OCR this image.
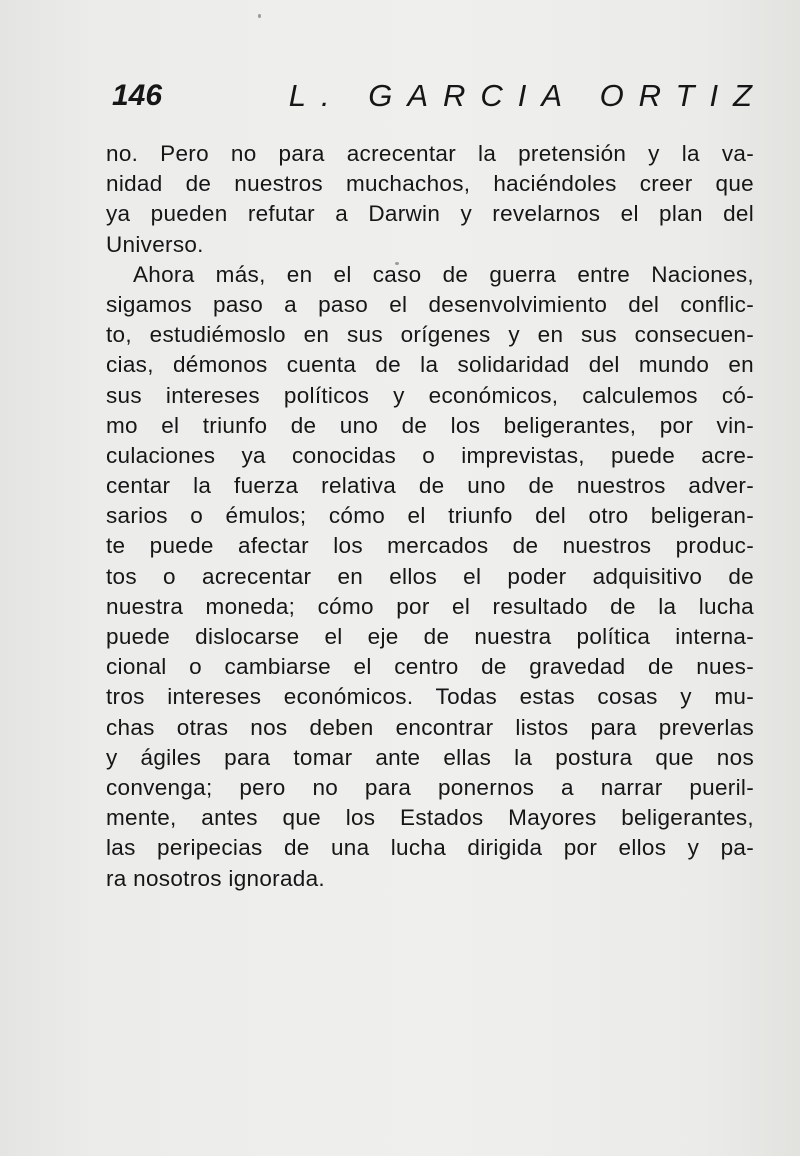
146	L. GARCIA ORTIZ
no. Pero no para acrecentar la pretensión y la va-
nidad de nuestros muchachos, haciéndoles creer que
ya pueden refutar a Darwin y revelarnos el plan del
Universo.
Ahora más, en el caso de guerra entre Naciones,
sigamos paso a paso el desenvolvimiento del conflic-
to, estudiémoslo en sus orígenes y en sus consecuen-
cias, démonos cuenta de la solidaridad del mundo en
sus intereses políticos y económicos, calculemos có-
mo el triunfo de uno de los beligerantes, por vin-
culaciones ya conocidas o imprevistas, puede acre-
centar la fuerza relativa de uno de nuestros adver-
sarios o émulos; cómo el triunfo del otro beligeran-
te puede afectar los mercados de nuestros produc-
tos o acrecentar en ellos el poder adquisitivo de
nuestra moneda; cómo por el resultado de la lucha
puede dislocarse el eje de nuestra política interna-
cional o cambiarse el centro de gravedad de nues-
tros intereses económicos. Todas estas cosas y mu-
chas otras nos deben encontrar listos para preverlas
y ágiles para tomar ante ellas la postura que nos
convenga; pero no para ponernos a narrar pueril-
mente, antes que los Estados Mayores beligerantes,
las peripecias de una lucha dirigida por ellos y pa-
ra nosotros ignorada.
